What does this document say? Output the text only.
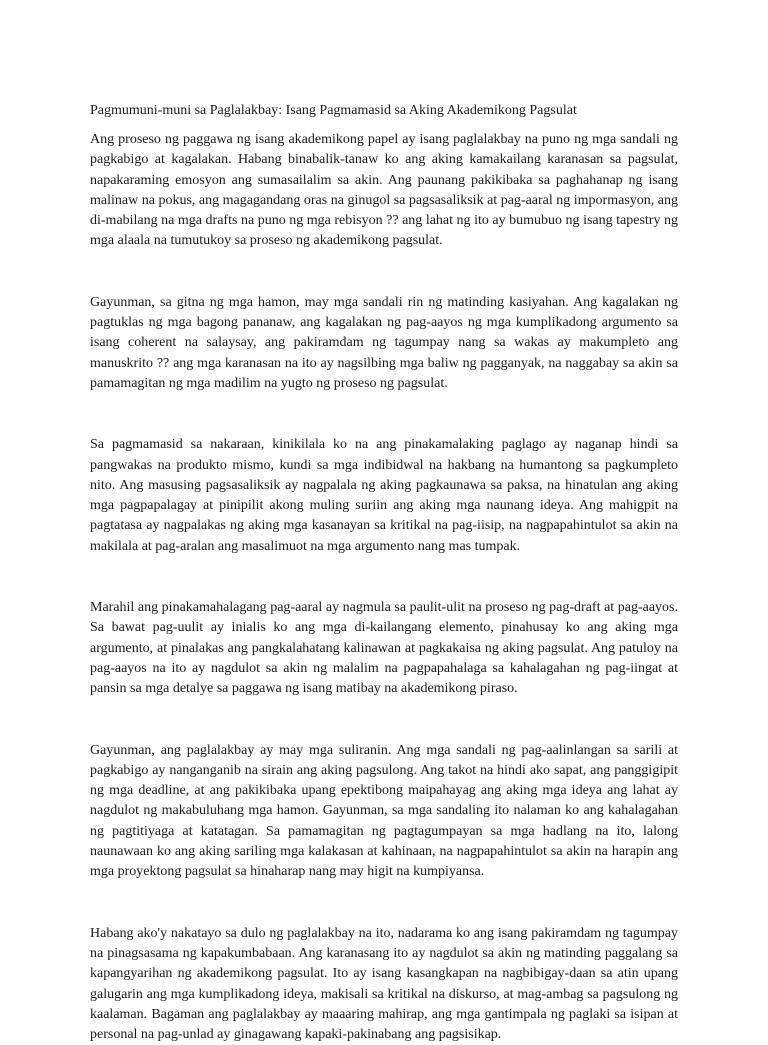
Pagmumuni-muni sa Paglalakbay: Isang Pagmamasid sa Aking Akademikong Pagsulat

Ang proseso ng paggawa ng isang akademikong papel ay isang paglalakbay na puno ng mga sandali ng pagkabigo at kagalakan. Habang binabalik-tanaw ko ang aking kamakailang karanasan sa pagsulat, napakaraming emosyon ang sumasailalim sa akin. Ang paunang pakikibaka sa paghahanap ng isang malinaw na pokus, ang magagandang oras na ginugol sa pagsasaliksik at pag-aaral ng impormasyon, ang di-mabilang na mga drafts na puno ng mga rebisyon ?? ang lahat ng ito ay bumubuo ng isang tapestry ng mga alaala na tumutukoy sa proseso ng akademikong pagsulat.

Gayunman, sa gitna ng mga hamon, may mga sandali rin ng matinding kasiyahan. Ang kagalakan ng pagtuklas ng mga bagong pananaw, ang kagalakan ng pag-aayos ng mga kumplikadong argumento sa isang coherent na salaysay, ang pakiramdam ng tagumpay nang sa wakas ay makumpleto ang manuskrito ?? ang mga karanasan na ito ay nagsilbing mga baliw ng pagganyak, na naggabay sa akin sa pamamagitan ng mga madilim na yugto ng proseso ng pagsulat.

Sa pagmamasid sa nakaraan, kinikilala ko na ang pinakamalaking paglago ay naganap hindi sa pangwakas na produkto mismo, kundi sa mga indibidwal na hakbang na humantong sa pagkumpleto nito. Ang masusing pagsasaliksik ay nagpalala ng aking pagkaunawa sa paksa, na hinatulan ang aking mga pagpapalagay at pinipilit akong muling suriin ang aking mga naunang ideya. Ang mahigpit na pagtatasa ay nagpalakas ng aking mga kasanayan sa kritikal na pag-iisip, na nagpapahintulot sa akin na makilala at pag-aralan ang masalimuot na mga argumento nang mas tumpak.

Marahil ang pinakamahalagang pag-aaral ay nagmula sa paulit-ulit na proseso ng pag-draft at pag-aayos. Sa bawat pag-uulit ay inialis ko ang mga di-kailangang elemento, pinahusay ko ang aking mga argumento, at pinalakas ang pangkalahatang kalinawan at pagkakaisa ng aking pagsulat. Ang patuloy na pag-aayos na ito ay nagdulot sa akin ng malalim na pagpapahalaga sa kahalagahan ng pag-iingat at pansin sa mga detalye sa paggawa ng isang matibay na akademikong piraso.

Gayunman, ang paglalakbay ay may mga suliranin. Ang mga sandali ng pag-aalinlangan sa sarili at pagkabigo ay nanganganib na sirain ang aking pagsulong. Ang takot na hindi ako sapat, ang panggigipit ng mga deadline, at ang pakikibaka upang epektibong maipahayag ang aking mga ideya ang lahat ay nagdulot ng makabuluhang mga hamon. Gayunman, sa mga sandaling ito nalaman ko ang kahalagahan ng pagtitiyaga at katatagan. Sa pamamagitan ng pagtagumpayan sa mga hadlang na ito, lalong naunawaan ko ang aking sariling mga kalakasan at kahinaan, na nagpapahintulot sa akin na harapin ang mga proyektong pagsulat sa hinaharap nang may higit na kumpiyansa.

Habang ako'y nakatayo sa dulo ng paglalakbay na ito, nadarama ko ang isang pakiramdam ng tagumpay na pinagsasama ng kapakumbabaan. Ang karanasang ito ay nagdulot sa akin ng matinding paggalang sa kapangyarihan ng akademikong pagsulat. Ito ay isang kasangkapan na nagbibigay-daan sa atin upang galugarin ang mga kumplikadong ideya, makisali sa kritikal na diskurso, at mag-ambag sa pagsulong ng kaalaman. Bagaman ang paglalakbay ay maaaring mahirap, ang mga gantimpala ng paglaki sa isipan at personal na pag-unlad ay ginagawang kapaki-pakinabang ang pagsisikap.
